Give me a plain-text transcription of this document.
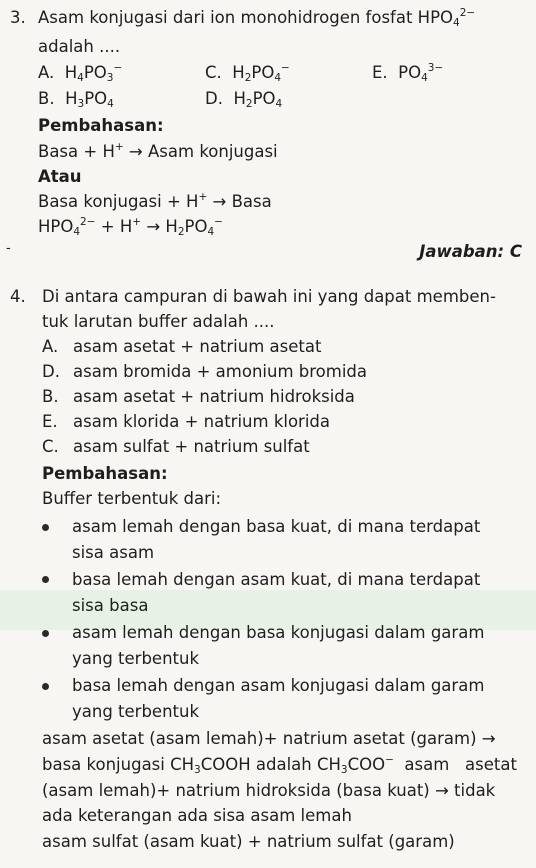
3. Asam konjugasi dari ion monohidrogen fosfat $HPO_4^{2-}$
adalah ....
A. $H_4PO_3^-$	C. $H_2PO_4^-$	E. $PO_4^{3-}$
B. $H_3PO_4$	D. $H_2PO_4$
Pembahasan:
Basa + H+ → Asam konjugasi
Atau
Basa konjugasi + H+ → Basa
$HPO_4^{2-} + H^+ \to H_2PO_4^-$
-	Jawaban: C
4. Di antara campuran di bawah ini yang dapat memben-
tuk larutan buffer adalah ....
A. asam asetat + natrium asetat
D. asam bromida + amonium bromida
B. asam asetat + natrium hidroksida
E. asam klorida + natrium klorida
C. asam sulfat + natrium sulfat
Pembahasan:
Buffer terbentuk dari:
asam lemah dengan basa kuat, di mana terdapat
sisa asam
basa lemah dengan asam kuat, di mana terdapat
sisa basa
asam lemah dengan basa konjugasi dalam garam
yang terbentuk
basa lemah dengan asam konjugasi dalam garam
yang terbentuk
asam asetat (asam lemah)+ natrium asetat (garam) →
basa konjugasi $CH_3COOH$ adalah $CH_3COO^-$  asam   asetat
(asam lemah)+ natrium hidroksida (basa kuat) → tidak
ada keterangan ada sisa asam lemah
asam sulfat (asam kuat) + natrium sulfat (garam)
